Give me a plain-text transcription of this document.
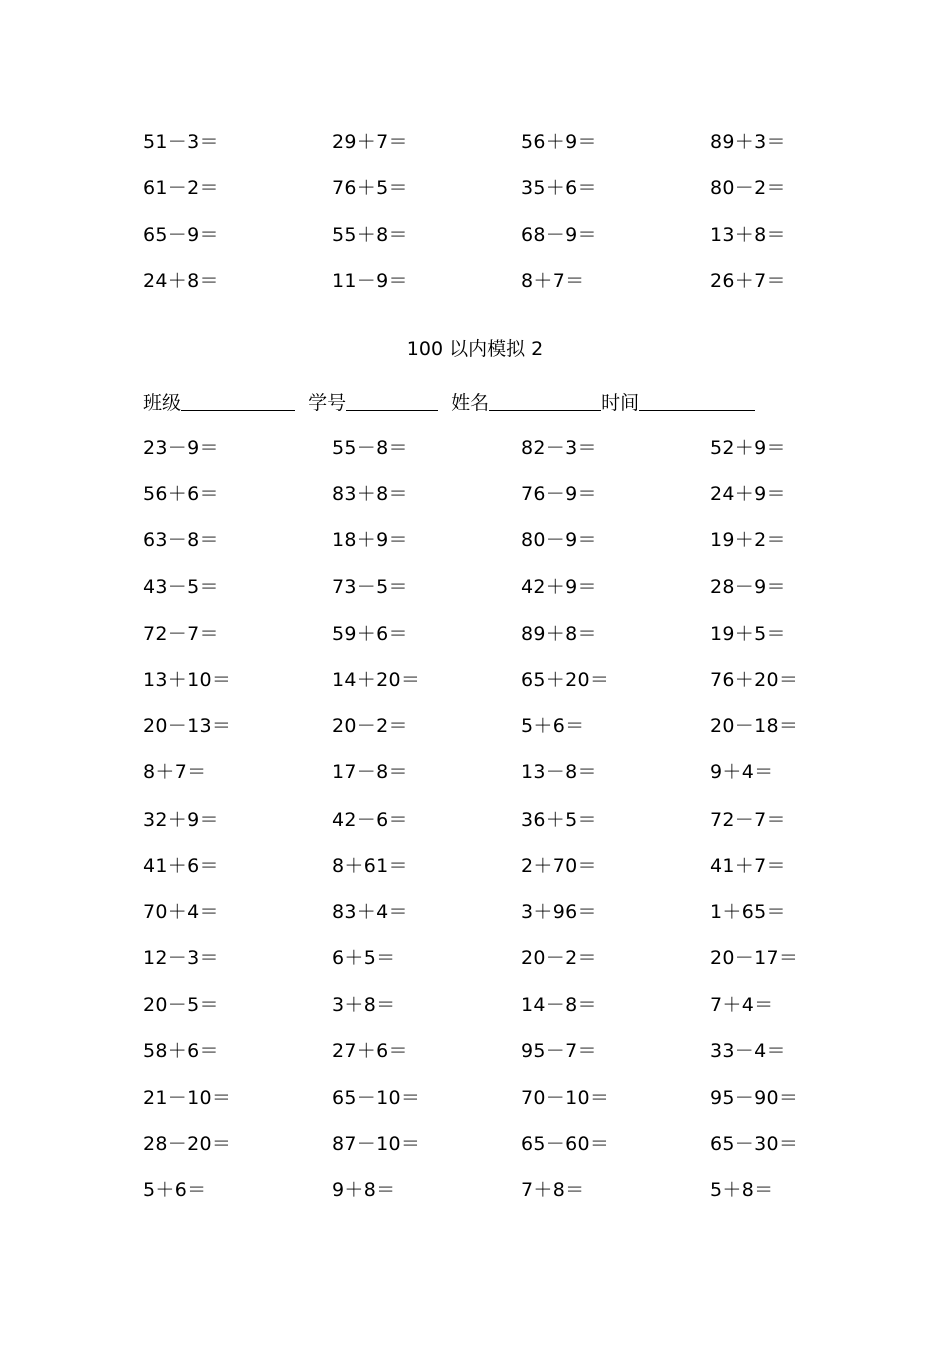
51－3＝	29＋7＝	56＋9＝	89＋3＝
61－2＝	76＋5＝	35＋6＝	80－2＝
65－9＝	55＋8＝	68－9＝	13＋8＝
24＋8＝	11－9＝	8＋7＝	26＋7＝
100 以内模拟 2
班级	学号	姓名	时间
23－9＝	55－8＝	82－3＝	52＋9＝
56＋6＝	83＋8＝	76－9＝	24＋9＝
63－8＝	18＋9＝	80－9＝	19＋2＝
43－5＝	73－5＝	42＋9＝	28－9＝
72－7＝	59＋6＝	89＋8＝	19＋5＝
13＋10＝	14＋20＝	65＋20＝	76＋20＝
20－13＝	20－2＝	5＋6＝	20－18＝
8＋7＝	17－8＝	13－8＝	9＋4＝
32＋9＝	42－6＝	36＋5＝	72－7＝
41＋6＝	8＋61＝	2＋70＝	41＋7＝
70＋4＝	83＋4＝	3＋96＝	1＋65＝
12－3＝	6＋5＝	20－2＝	20－17＝
20－5＝	3＋8＝	14－8＝	7＋4＝
58＋6＝	27＋6＝	95－7＝	33－4＝
21－10＝	65－10＝	70－10＝	95－90＝
28－20＝	87－10＝	65－60＝	65－30＝
5＋6＝	9＋8＝	7＋8＝	5＋8＝
